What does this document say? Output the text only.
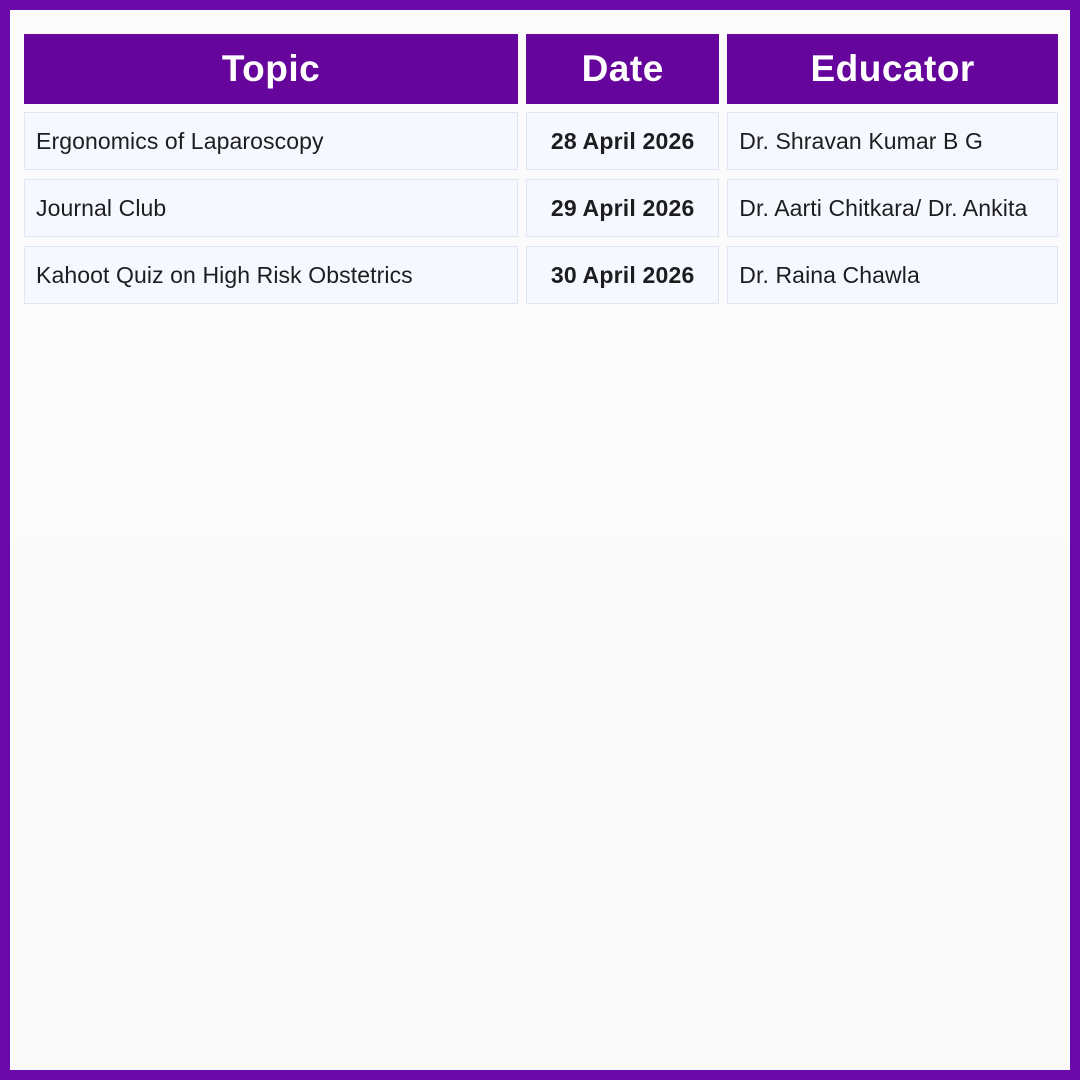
Topic	Date	Educator
Ergonomics of Laparoscopy	28 April 2026	Dr. Shravan Kumar B G
Journal Club	29 April 2026	Dr. Aarti Chitkara/ Dr. Ankita
Kahoot Quiz on High Risk Obstetrics	30 April 2026	Dr. Raina Chawla
